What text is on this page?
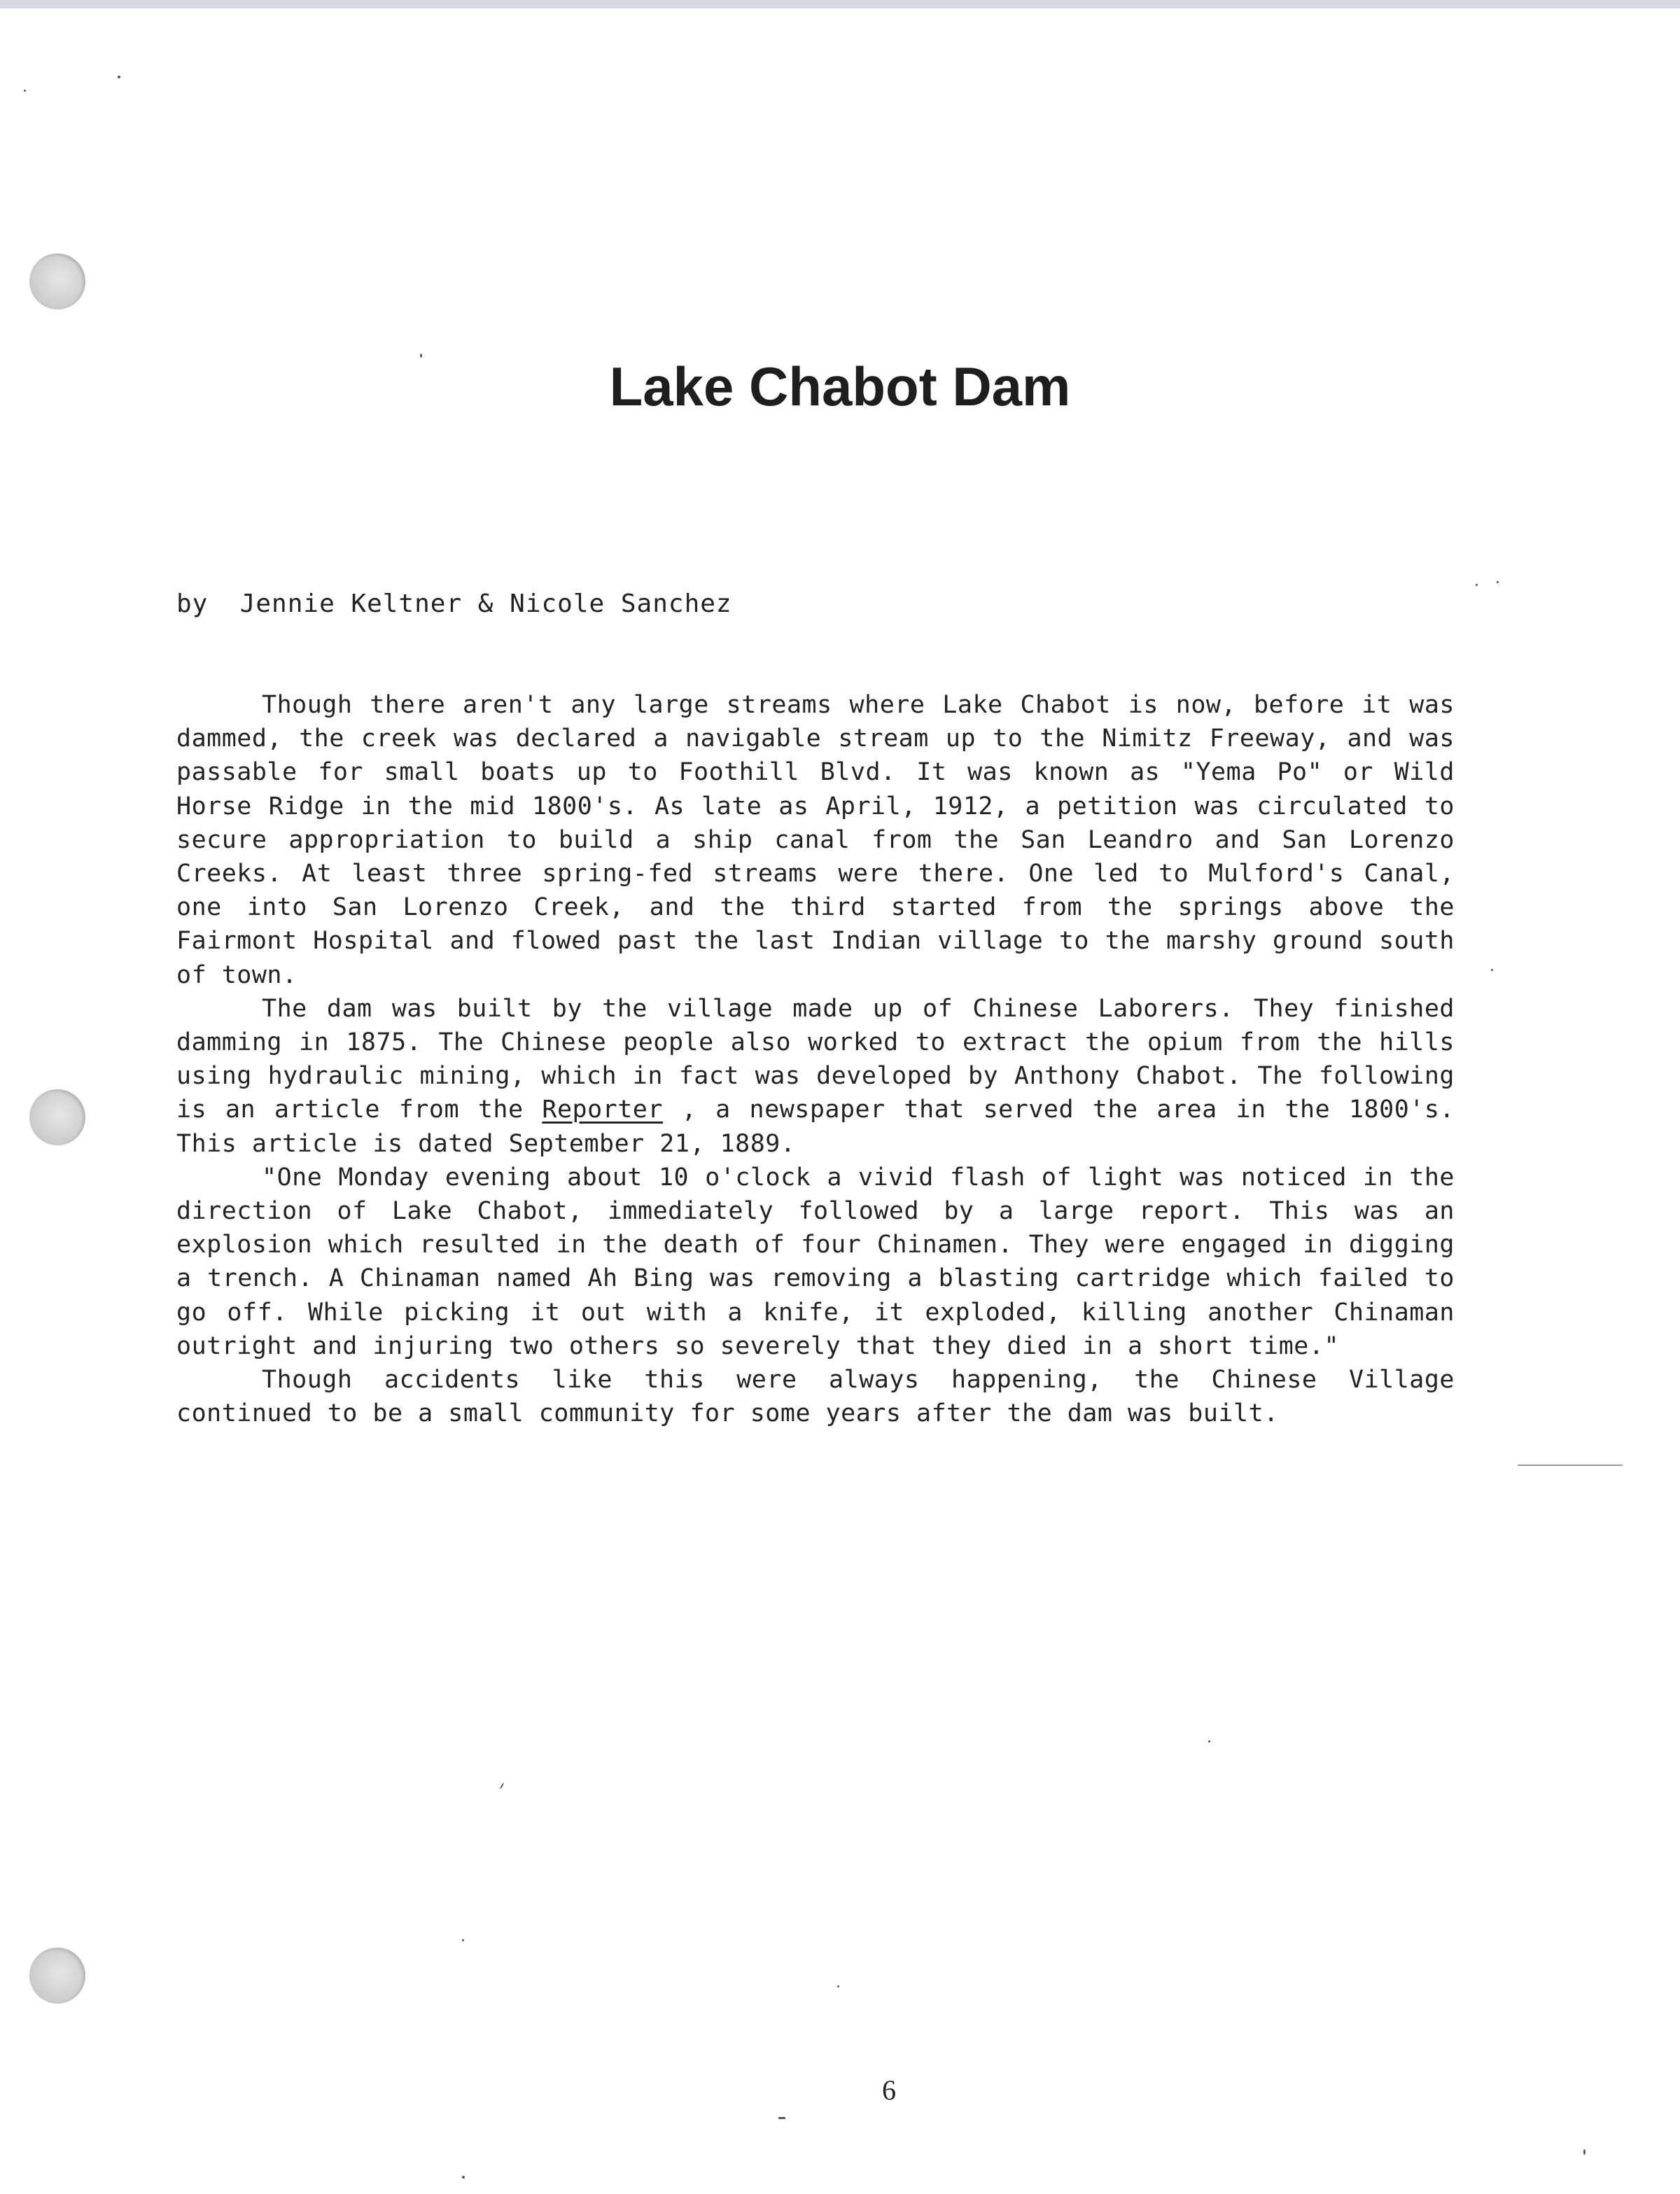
Lake Chabot Dam
by  Jennie Keltner & Nicole Sanchez

Though there aren't any large streams where Lake Chabot is now, before it was dammed, the creek was declared a navigable stream up to the Nimitz Freeway, and was passable for small boats up to Foothill Blvd. It was known as "Yema Po" or Wild Horse Ridge in the mid 1800's. As late as April, 1912, a petition was circulated to secure appropriation to build a ship canal from the San Leandro and San Lorenzo Creeks. At least three spring-fed streams were there. One led to Mulford's Canal, one into San Lorenzo Creek, and the third started from the springs above the Fairmont Hospital and flowed past the last Indian village to the marshy ground south of town.

The dam was built by the village made up of Chinese Laborers. They finished damming in 1875. The Chinese people also worked to extract the opium from the hills using hydraulic mining, which in fact was developed by Anthony Chabot. The following is an article from the Reporter , a newspaper that served the area in the 1800's. This article is dated September 21, 1889.

"One Monday evening about 10 o'clock a vivid flash of light was noticed in the direction of Lake Chabot, immediately followed by a large report. This was an explosion which resulted in the death of four Chinamen. They were engaged in digging a trench. A Chinaman named Ah Bing was removing a blasting cartridge which failed to go off. While picking it out with a knife, it exploded, killing another Chinaman outright and injuring two others so severely that they died in a short time."

Though accidents like this were always happening, the Chinese Village continued to be a small community for some years after the dam was built.

6
